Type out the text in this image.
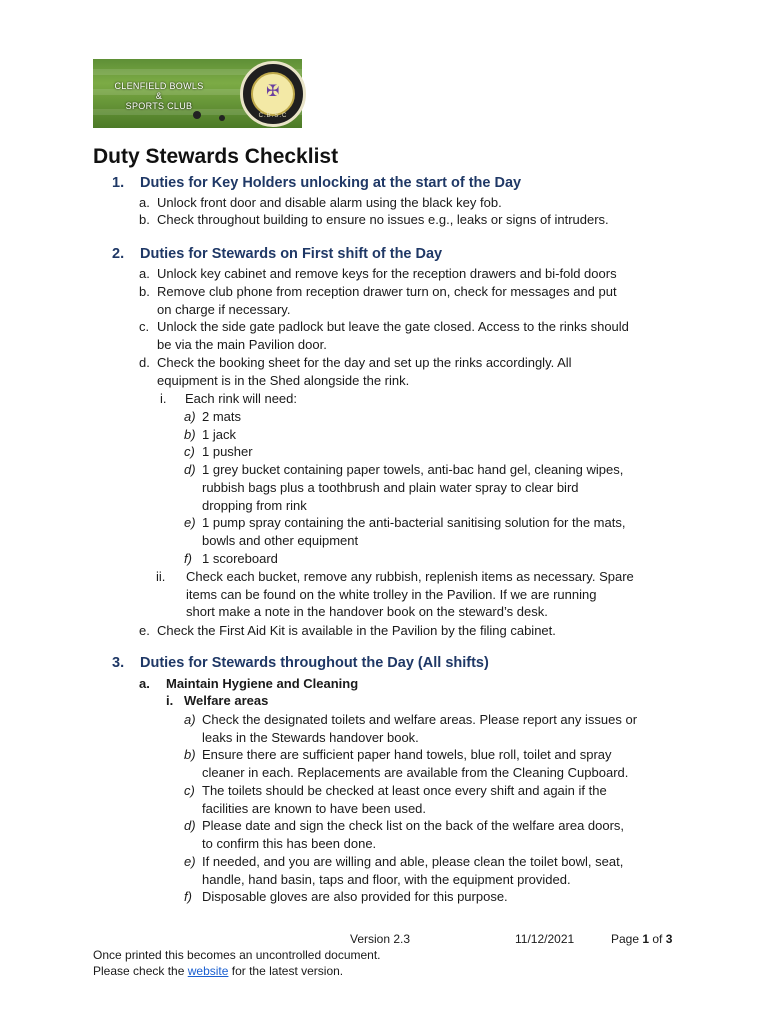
CLENFIELD BOWLS
&
SPORTS CLUB
✠
C.B.S.C
Duty Stewards Checklist
1. Duties for Key Holders unlocking at the start of the Day
a. Unlock front door and disable alarm using the black key fob.
b. Check throughout building to ensure no issues e.g., leaks or signs of intruders.
2. Duties for Stewards on First shift of the Day
a. Unlock key cabinet and remove keys for the reception drawers and bi-fold doors
b. Remove club phone from reception drawer turn on, check for messages and put
on charge if necessary.
c. Unlock the side gate padlock but leave the gate closed. Access to the rinks should
be via the main Pavilion door.
d. Check the booking sheet for the day and set up the rinks accordingly. All
equipment is in the Shed alongside the rink.
i. Each rink will need:
a) 2 mats
b) 1 jack
c) 1 pusher
d) 1 grey bucket containing paper towels, anti-bac hand gel, cleaning wipes,
rubbish bags plus a toothbrush and plain water spray to clear bird
dropping from rink
e) 1 pump spray containing the anti-bacterial sanitising solution for the mats,
bowls and other equipment
f) 1 scoreboard
ii. Check each bucket, remove any rubbish, replenish items as necessary. Spare
items can be found on the white trolley in the Pavilion. If we are running
short make a note in the handover book on the steward’s desk.
e. Check the First Aid Kit is available in the Pavilion by the filing cabinet.
3. Duties for Stewards throughout the Day (All shifts)
a. Maintain Hygiene and Cleaning
i. Welfare areas
a) Check the designated toilets and welfare areas. Please report any issues or
leaks in the Stewards handover book.
b) Ensure there are sufficient paper hand towels, blue roll, toilet and spray
cleaner in each. Replacements are available from the Cleaning Cupboard.
c) The toilets should be checked at least once every shift and again if the
facilities are known to have been used.
d) Please date and sign the check list on the back of the welfare area doors,
to confirm this has been done.
e) If needed, and you are willing and able, please clean the toilet bowl, seat,
handle, hand basin, taps and floor, with the equipment provided.
f) Disposable gloves are also provided for this purpose.
Version 2.3	11/12/2021	Page 1 of 3
Once printed this becomes an uncontrolled document.
Please check the website for the latest version.
